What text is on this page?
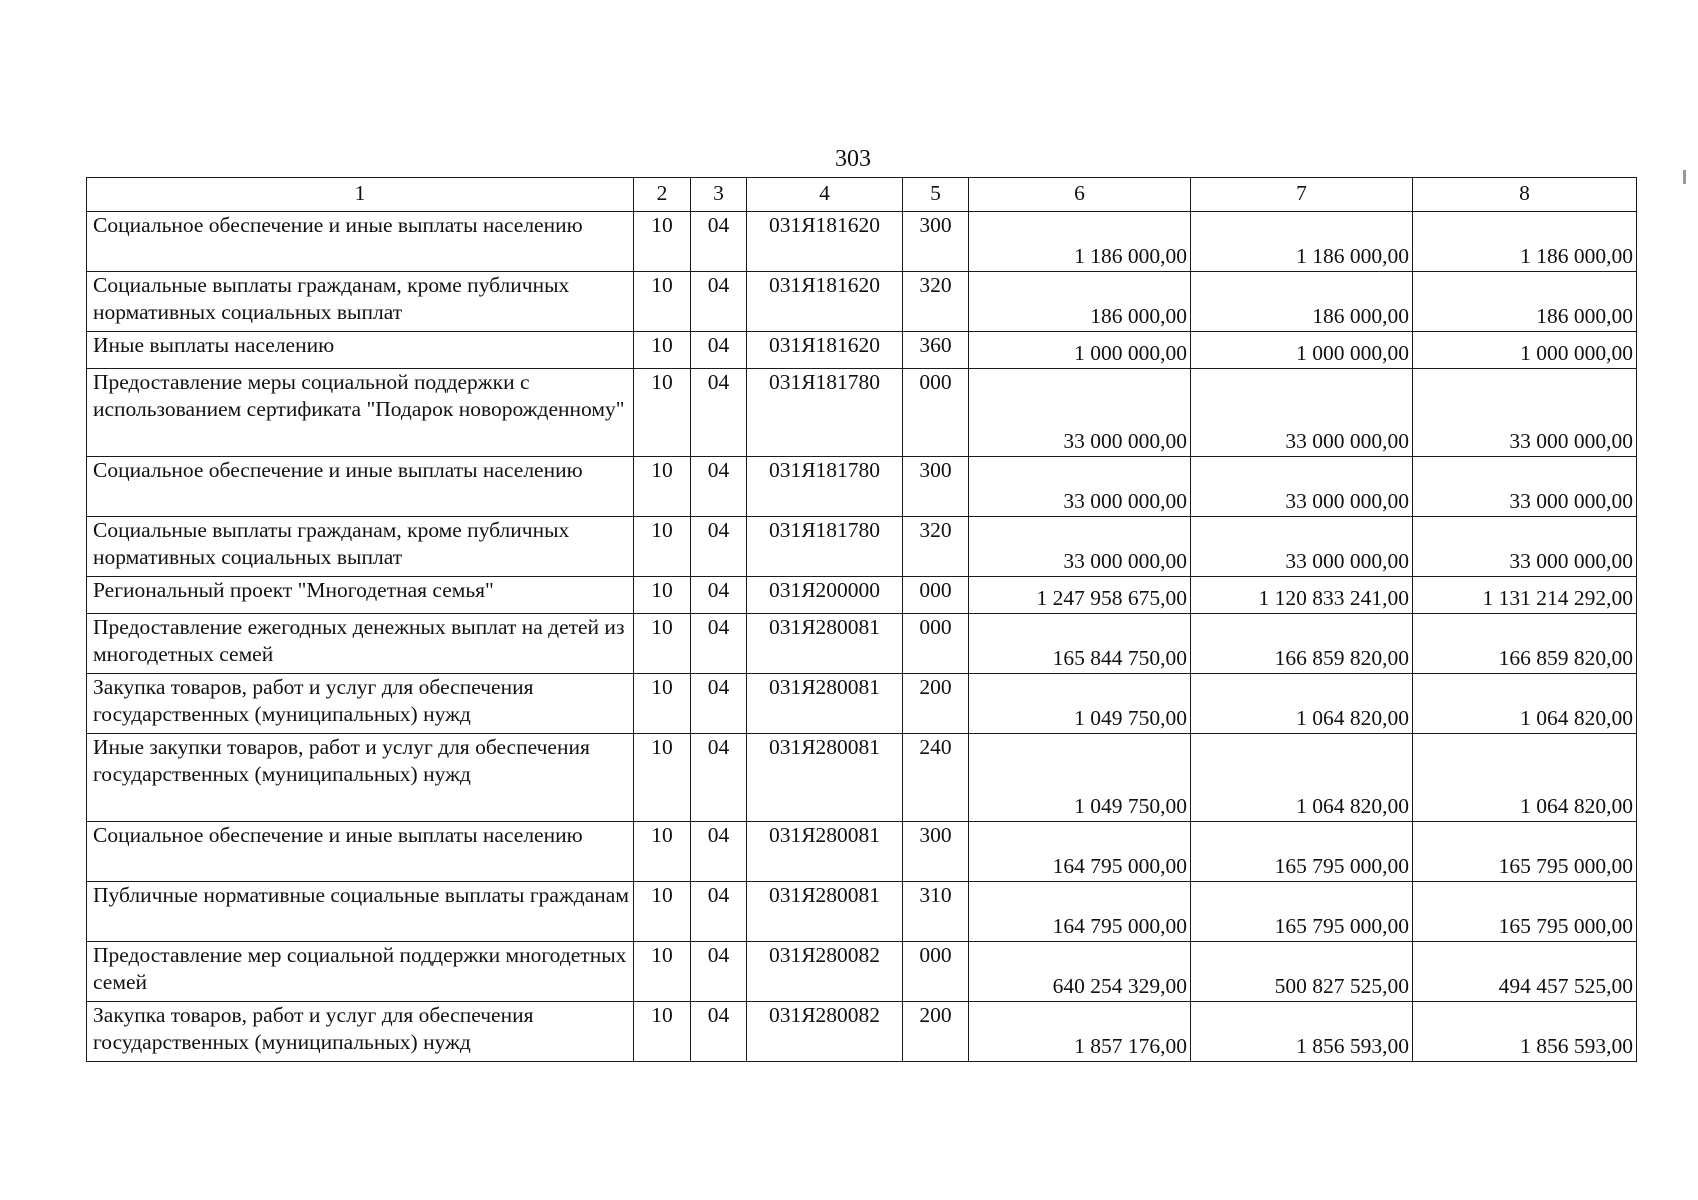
303
1	2	3	4	5	6	7	8
Социальное обеспечение и иные выплаты населению	10	04	031Я181620	300	1 186 000,00	1 186 000,00	1 186 000,00
Социальные выплаты гражданам, кроме публичных нормативных социальных выплат	10	04	031Я181620	320	186 000,00	186 000,00	186 000,00
Иные выплаты населению	10	04	031Я181620	360	1 000 000,00	1 000 000,00	1 000 000,00
Предоставление меры социальной поддержки с использованием сертификата "Подарок новорожденному"	10	04	031Я181780	000	33 000 000,00	33 000 000,00	33 000 000,00
Социальное обеспечение и иные выплаты населению	10	04	031Я181780	300	33 000 000,00	33 000 000,00	33 000 000,00
Социальные выплаты гражданам, кроме публичных нормативных социальных выплат	10	04	031Я181780	320	33 000 000,00	33 000 000,00	33 000 000,00
Региональный проект "Многодетная семья"	10	04	031Я200000	000	1 247 958 675,00	1 120 833 241,00	1 131 214 292,00
Предоставление ежегодных денежных выплат на детей из многодетных семей	10	04	031Я280081	000	165 844 750,00	166 859 820,00	166 859 820,00
Закупка товаров, работ и услуг для обеспечения государственных (муниципальных) нужд	10	04	031Я280081	200	1 049 750,00	1 064 820,00	1 064 820,00
Иные закупки товаров, работ и услуг для обеспечения государственных (муниципальных) нужд	10	04	031Я280081	240	1 049 750,00	1 064 820,00	1 064 820,00
Социальное обеспечение и иные выплаты населению	10	04	031Я280081	300	164 795 000,00	165 795 000,00	165 795 000,00
Публичные нормативные социальные выплаты гражданам	10	04	031Я280081	310	164 795 000,00	165 795 000,00	165 795 000,00
Предоставление мер социальной поддержки многодетных семей	10	04	031Я280082	000	640 254 329,00	500 827 525,00	494 457 525,00
Закупка товаров, работ и услуг для обеспечения государственных (муниципальных) нужд	10	04	031Я280082	200	1 857 176,00	1 856 593,00	1 856 593,00
